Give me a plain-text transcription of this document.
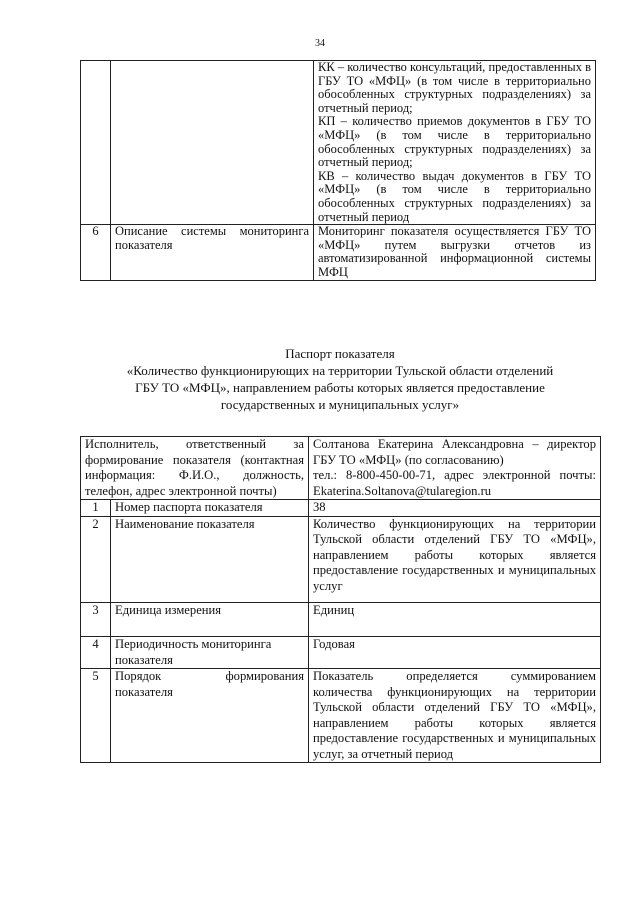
34

		КК – количество консультаций, предоставленных в ГБУ ТО «МФЦ» (в том числе в территориально обособленных структурных подразделениях) за отчетный период;
КП – количество приемов документов в ГБУ ТО «МФЦ» (в том числе в территориально обособленных структурных подразделениях) за отчетный период;
КВ – количество выдач документов в ГБУ ТО «МФЦ» (в том числе в территориально обособленных структурных подразделениях) за отчетный период

6	Описание системы мониторинга показателя	Мониторинг показателя осуществляется ГБУ ТО «МФЦ» путем выгрузки отчетов из автоматизированной информационной системы МФЦ
Паспорт показателя
«Количество функционирующих на территории Тульской области отделений
ГБУ ТО «МФЦ», направлением работы которых является предоставление
государственных и муниципальных услуг»
Исполнитель, ответственный за формирование показателя (контактная информация: Ф.И.О., должность, телефон, адрес электронной почты)		Солтанова Екатерина Александровна – директор ГБУ ТО «МФЦ» (по согласованию)
тел.: 8-800-450-00-71, адрес электронной почты: Ekaterina.Soltanova@tularegion.ru

1	Номер паспорта показателя	38
2	Наименование показателя	Количество функционирующих на территории Тульской области отделений ГБУ ТО «МФЦ», направлением работы которых является предоставление государственных и муниципальных услуг
3	Единица измерения	Единиц
4	Периодичность мониторинга показателя	Годовая
5	Порядок формирования показателя	Показатель определяется суммированием количества функционирующих на территории Тульской области отделений ГБУ ТО «МФЦ», направлением работы которых является предоставление государственных и муниципальных услуг, за отчетный период
